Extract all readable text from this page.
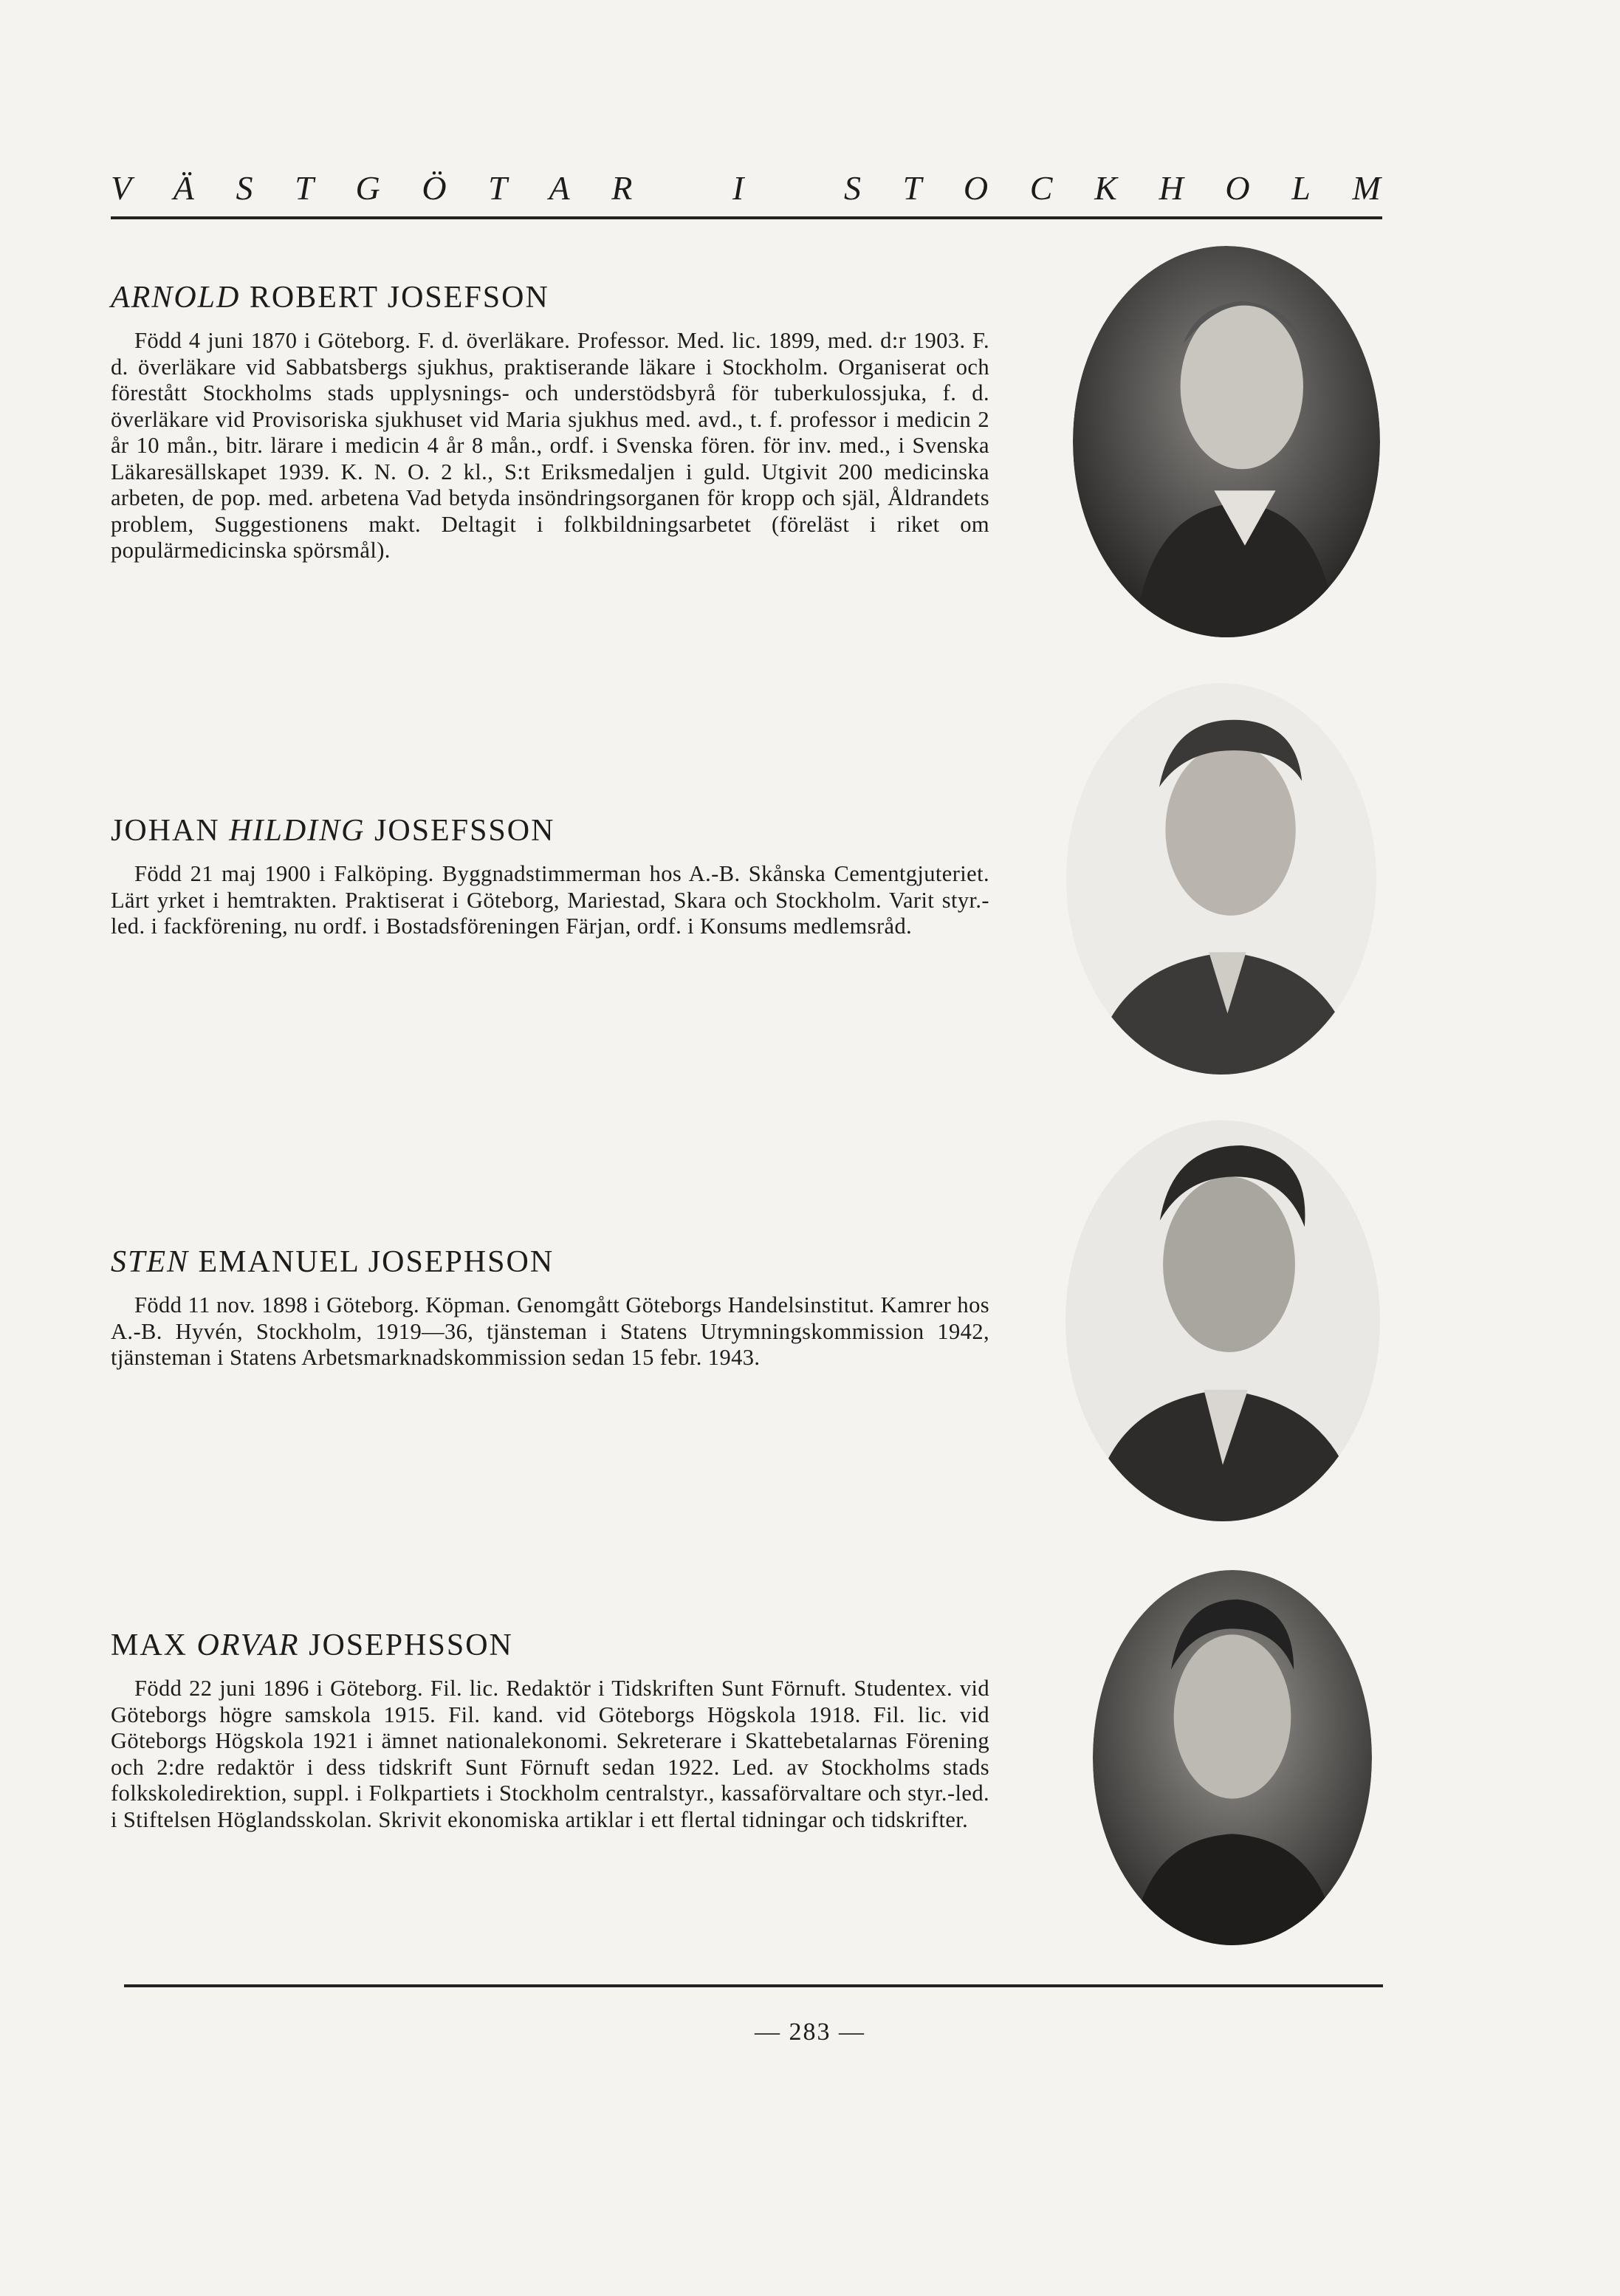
V Ä S T G Ö T A R	I	S T O C K H O L M
ARNOLD ROBERT JOSEFSON

Född 4 juni 1870 i Göteborg. F. d. överläkare. Professor. Med. lic. 1899, med. d:r 1903. F. d. överläkare vid Sabbatsbergs sjukhus, praktiserande läkare i Stockholm. Organiserat och förestått Stockholms stads upplysnings- och understödsbyrå för tuberkulossjuka, f. d. överläkare vid Provisoriska sjukhuset vid Maria sjukhus med. avd., t. f. professor i medicin 2 år 10 mån., bitr. lärare i medicin 4 år 8 mån., ordf. i Svenska fören. för inv. med., i Svenska Läkaresällskapet 1939. K. N. O. 2 kl., S:t Eriksmedaljen i guld. Utgivit 200 medicinska arbeten, de pop. med. arbetena Vad betyda insöndringsorganen för kropp och själ, Åldrandets problem, Suggestionens makt. Deltagit i folkbildningsarbetet (föreläst i riket om populärmedicinska spörsmål).

JOHAN HILDING JOSEFSSON

Född 21 maj 1900 i Falköping. Byggnadstimmerman hos A.-B. Skånska Cementgjuteriet. Lärt yrket i hemtrakten. Praktiserat i Göteborg, Mariestad, Skara och Stockholm. Varit styr.-led. i fackförening, nu ordf. i Bostadsföreningen Färjan, ordf. i Konsums medlemsråd.

STEN EMANUEL JOSEPHSON

Född 11 nov. 1898 i Göteborg. Köpman. Genomgått Göteborgs Handelsinstitut. Kamrer hos A.-B. Hyvén, Stockholm, 1919—36, tjänsteman i Statens Utrymningskommission 1942, tjänsteman i Statens Arbetsmarknadskommission sedan 15 febr. 1943.

MAX ORVAR JOSEPHSSON

Född 22 juni 1896 i Göteborg. Fil. lic. Redaktör i Tidskriften Sunt Förnuft. Studentex. vid Göteborgs högre samskola 1915. Fil. kand. vid Göteborgs Högskola 1918. Fil. lic. vid Göteborgs Högskola 1921 i ämnet nationalekonomi. Sekreterare i Skattebetalarnas Förening och 2:dre redaktör i dess tidskrift Sunt Förnuft sedan 1922. Led. av Stockholms stads folkskoledirektion, suppl. i Folkpartiets i Stockholm centralstyr., kassaförvaltare och styr.-led. i Stiftelsen Höglandsskolan. Skrivit ekonomiska artiklar i ett flertal tidningar och tidskrifter.

— 283 —
